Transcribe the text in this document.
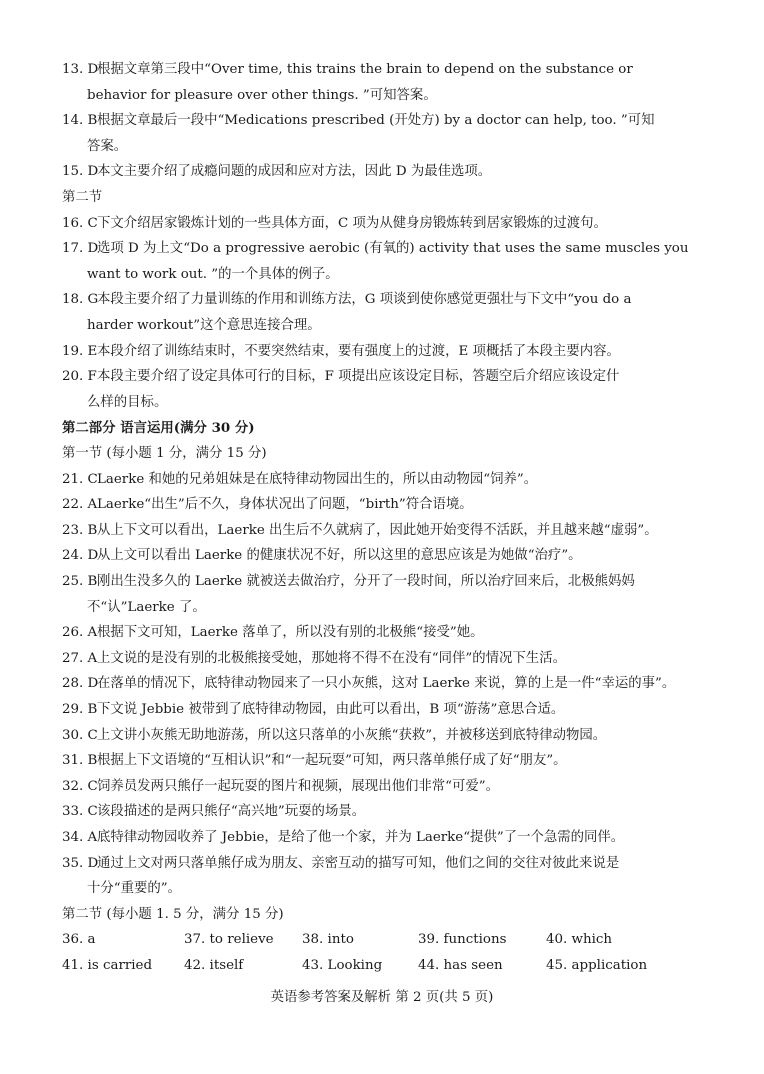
13. D根据文章第三段中“Over time, this trains the brain to depend on the substance or
behavior for pleasure over other things. ”可知答案。
14. B根据文章最后一段中“Medications prescribed (开处方) by a doctor can help, too. ”可知
答案。
15. D本文主要介绍了成瘾问题的成因和应对方法，因此 D 为最佳选项。
第二节
16. C下文介绍居家锻炼计划的一些具体方面，C 项为从健身房锻炼转到居家锻炼的过渡句。
17. D选项 D 为上文“Do a progressive aerobic (有氧的) activity that uses the same muscles you
want to work out. ”的一个具体的例子。
18. G本段主要介绍了力量训练的作用和训练方法，G 项谈到使你感觉更强壮与下文中“you do a
harder workout”这个意思连接合理。
19. E本段介绍了训练结束时，不要突然结束，要有强度上的过渡，E 项概括了本段主要内容。
20. F本段主要介绍了设定具体可行的目标，F 项提出应该设定目标，答题空后介绍应该设定什
么样的目标。
第二部分 语言运用(满分 30 分)
第一节 (每小题 1 分，满分 15 分)
21. CLaerke 和她的兄弟姐妹是在底特律动物园出生的，所以由动物园“饲养”。
22. ALaerke“出生”后不久，身体状况出了问题，“birth”符合语境。
23. B从上下文可以看出，Laerke 出生后不久就病了，因此她开始变得不活跃，并且越来越“虚弱”。
24. D从上文可以看出 Laerke 的健康状况不好，所以这里的意思应该是为她做“治疗”。
25. B刚出生没多久的 Laerke 就被送去做治疗，分开了一段时间，所以治疗回来后，北极熊妈妈
不“认”Laerke 了。
26. A根据下文可知，Laerke 落单了，所以没有别的北极熊“接受”她。
27. A上文说的是没有别的北极熊接受她，那她将不得不在没有“同伴”的情况下生活。
28. D在落单的情况下，底特律动物园来了一只小灰熊，这对 Laerke 来说，算的上是一件“幸运的事”。
29. B下文说 Jebbie 被带到了底特律动物园，由此可以看出，B 项“游荡”意思合适。
30. C上文讲小灰熊无助地游荡，所以这只落单的小灰熊“获救”，并被移送到底特律动物园。
31. B根据上下文语境的“互相认识”和“一起玩耍”可知，两只落单熊仔成了好“朋友”。
32. C饲养员发两只熊仔一起玩耍的图片和视频，展现出他们非常“可爱”。
33. C该段描述的是两只熊仔“高兴地”玩耍的场景。
34. A底特律动物园收养了 Jebbie，是给了他一个家，并为 Laerke“提供”了一个急需的同伴。
35. D通过上文对两只落单熊仔成为朋友、亲密互动的描写可知，他们之间的交往对彼此来说是
十分“重要的”。
第二节 (每小题 1. 5 分，满分 15 分)
36. a	37. to relieve 38. into	39. functions	40. which
41. is carried 42. itself	43. Looking	44. has seen	45. application
英语参考答案及解析 第 2 页(共 5 页)
